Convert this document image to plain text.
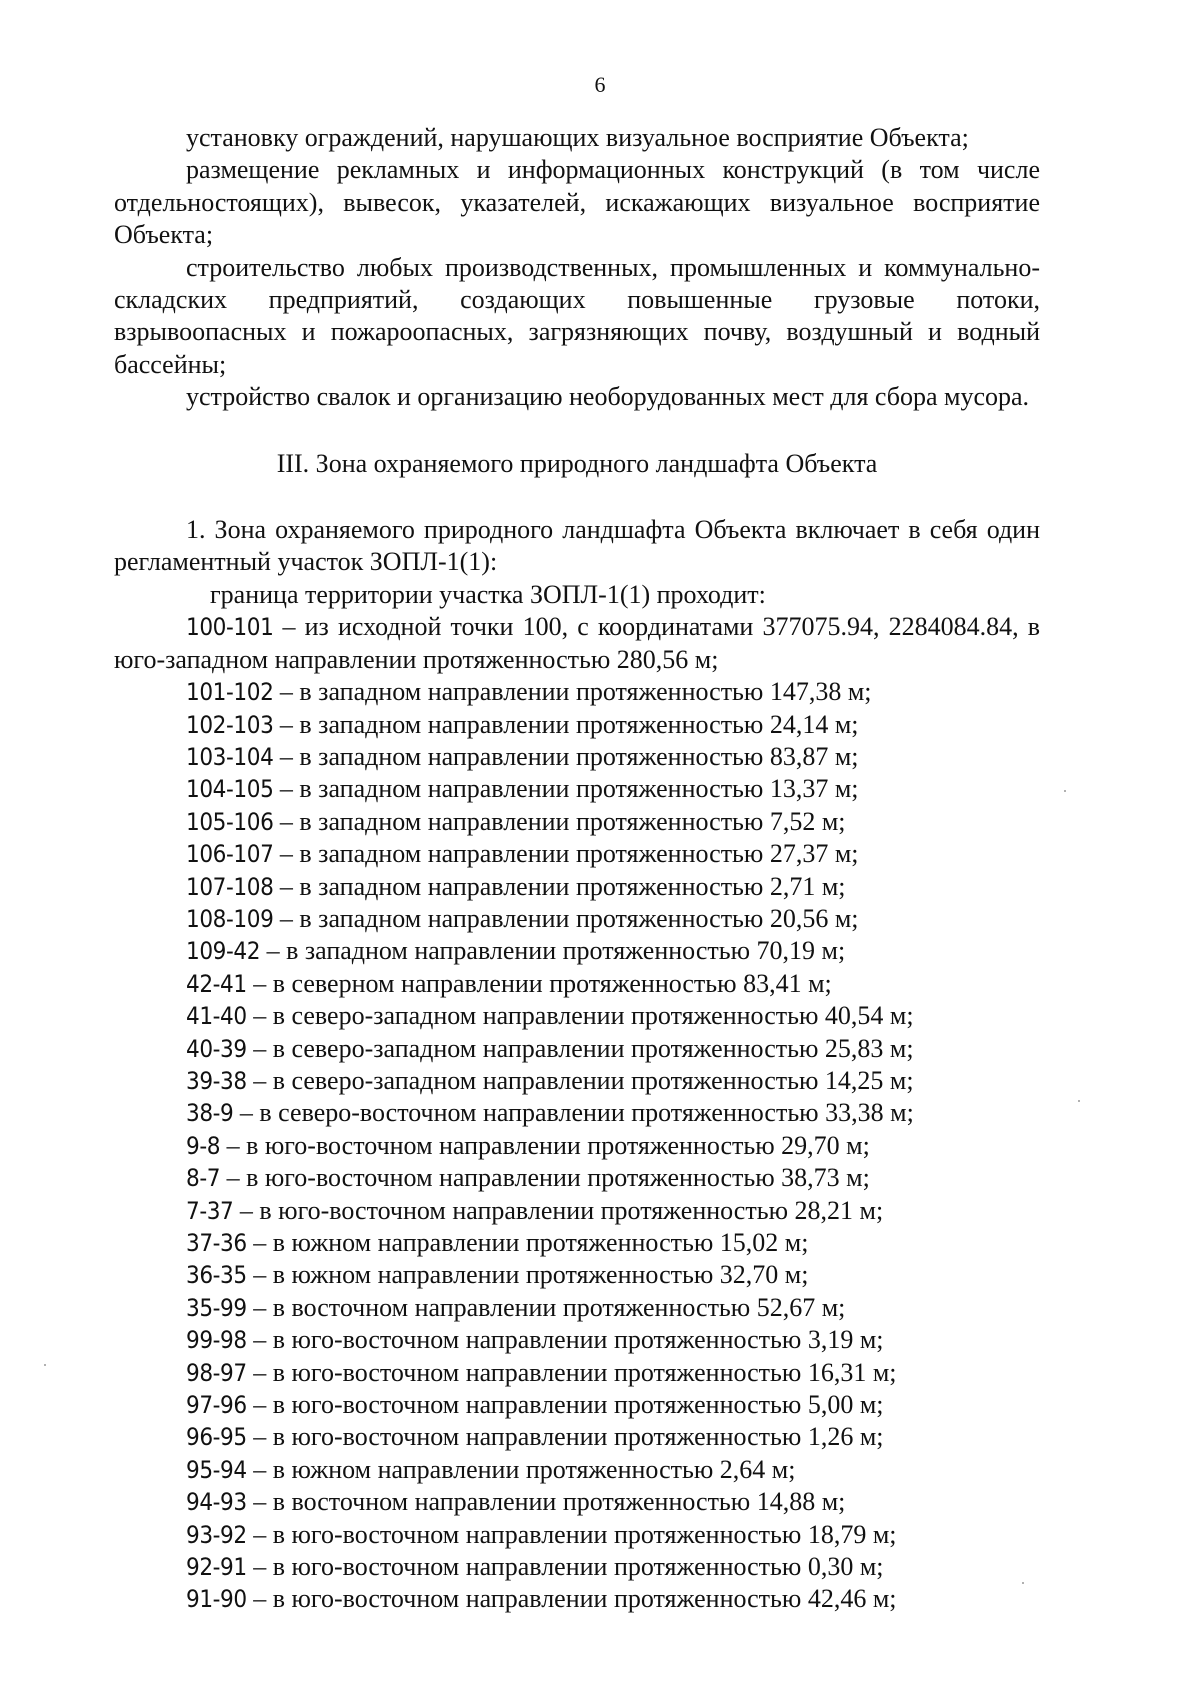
6

установку ограждений, нарушающих визуальное восприятие Объекта;

размещение рекламных и информационных конструкций (в том числе отдельностоящих), вывесок, указателей, искажающих визуальное восприятие Объекта;

строительство любых производственных, промышленных и коммунально-складских предприятий, создающих повышенные грузовые потоки, взрывоопасных и пожароопасных, загрязняющих почву, воздушный и водный бассейны;

устройство свалок и организацию необорудованных мест для сбора мусора.

III. Зона охраняемого природного ландшафта Объекта

1. Зона охраняемого природного ландшафта Объекта включает в себя один регламентный участок ЗОПЛ-1(1):

граница территории участка ЗОПЛ-1(1) проходит:

100-101 – из исходной точки 100, с координатами 377075.94, 2284084.84, в юго-западном направлении протяженностью 280,56 м;

101-102 – в западном направлении протяженностью 147,38 м;

102-103 – в западном направлении протяженностью 24,14 м;

103-104 – в западном направлении протяженностью 83,87 м;

104-105 – в западном направлении протяженностью 13,37 м;

105-106 – в западном направлении протяженностью 7,52 м;

106-107 – в западном направлении протяженностью 27,37 м;

107-108 – в западном направлении протяженностью 2,71 м;

108-109 – в западном направлении протяженностью 20,56 м;

109-42 – в западном направлении протяженностью 70,19 м;

42-41 – в северном направлении протяженностью 83,41 м;

41-40 – в северо-западном направлении протяженностью 40,54 м;

40-39 – в северо-западном направлении протяженностью 25,83 м;

39-38 – в северо-западном направлении протяженностью 14,25 м;

38-9 – в северо-восточном направлении протяженностью 33,38 м;

9-8 – в юго-восточном направлении протяженностью 29,70 м;

8-7 – в юго-восточном направлении протяженностью 38,73 м;

7-37 – в юго-восточном направлении протяженностью 28,21 м;

37-36 – в южном направлении протяженностью 15,02 м;

36-35 – в южном направлении протяженностью 32,70 м;

35-99 – в восточном направлении протяженностью 52,67 м;

99-98 – в юго-восточном направлении протяженностью 3,19 м;

98-97 – в юго-восточном направлении протяженностью 16,31 м;

97-96 – в юго-восточном направлении протяженностью 5,00 м;

96-95 – в юго-восточном направлении протяженностью 1,26 м;

95-94 – в южном направлении протяженностью 2,64 м;

94-93 – в восточном направлении протяженностью 14,88 м;

93-92 – в юго-восточном направлении протяженностью 18,79 м;

92-91 – в юго-восточном направлении протяженностью 0,30 м;

91-90 – в юго-восточном направлении протяженностью 42,46 м;
